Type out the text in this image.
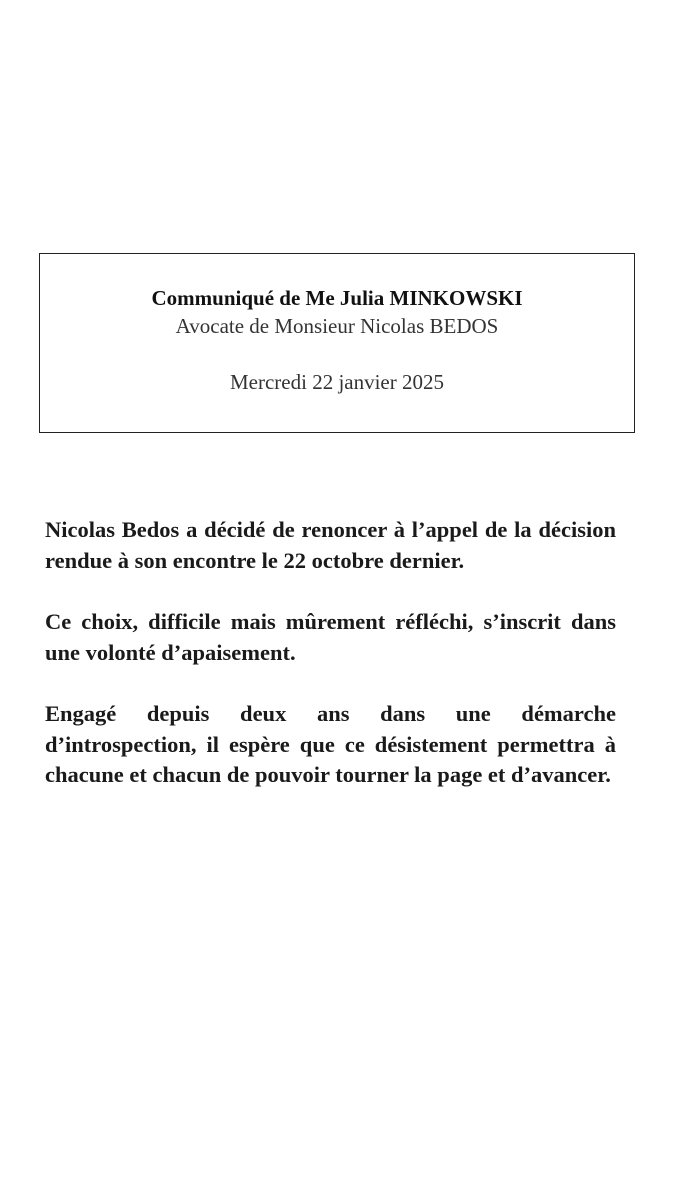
Communiqué de Me Julia MINKOWSKI
Avocate de Monsieur Nicolas BEDOS
Mercredi 22 janvier 2025

Nicolas Bedos a décidé de renoncer à l’appel de la décision rendue à son encontre le 22 octobre dernier.

Ce choix, difficile mais mûrement réfléchi, s’inscrit dans une volonté d’apaisement.

Engagé depuis deux ans dans une démarche d’introspection, il espère que ce désistement permettra à chacune et chacun de pouvoir tourner la page et d’avancer.
